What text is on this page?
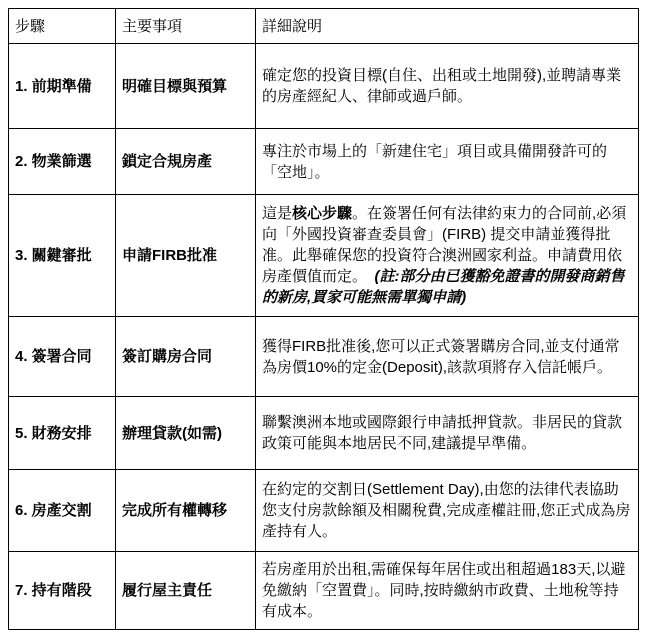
步驟	主要事項	詳細說明
1. 前期準備	明確目標與預算	確定您的投資目標(自住、出租或土地開發),並聘請專業的房產經紀人、律師或過戶師。
2. 物業篩選	鎖定合規房產	專注於市場上的「新建住宅」項目或具備開發許可的「空地」。
3. 關鍵審批	申請FIRB批准	這是核心步驟。在簽署任何有法律約束力的合同前,必須向「外國投資審查委員會」(FIRB) 提交申請並獲得批准。此舉確保您的投資符合澳洲國家利益。申請費用依房產價值而定。 (註:部分由已獲豁免證書的開發商銷售的新房,買家可能無需單獨申請)
4. 簽署合同	簽訂購房合同	獲得FIRB批准後,您可以正式簽署購房合同,並支付通常為房價10%的定金(Deposit),該款項將存入信託帳戶。
5. 財務安排	辦理貸款(如需)	聯繫澳洲本地或國際銀行申請抵押貸款。非居民的貸款政策可能與本地居民不同,建議提早準備。
6. 房產交割	完成所有權轉移	在約定的交割日(Settlement Day),由您的法律代表協助您支付房款餘額及相關稅費,完成產權註冊,您正式成為房產持有人。
7. 持有階段	履行屋主責任	若房產用於出租,需確保每年居住或出租超過183天,以避免繳納「空置費」。同時,按時繳納市政費、土地稅等持有成本。
